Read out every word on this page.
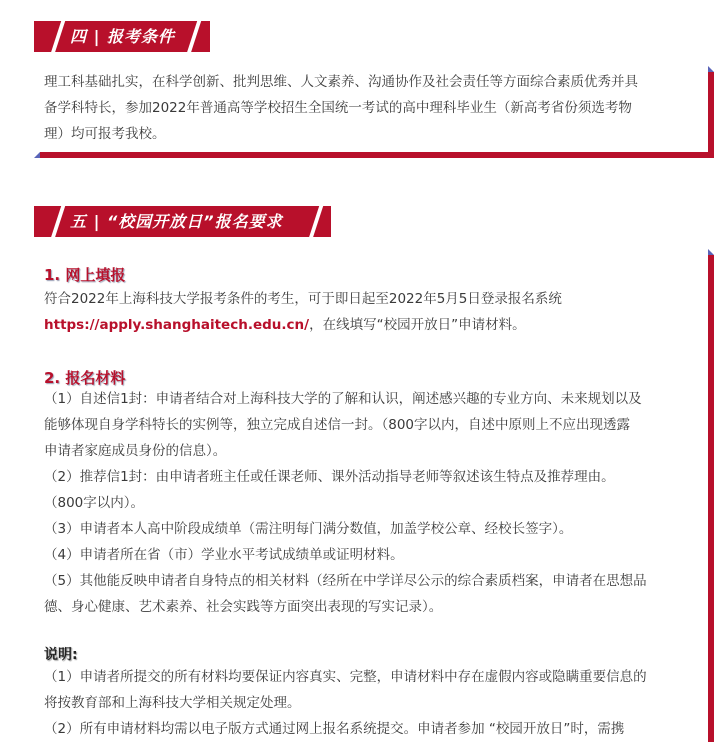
四 | 报考条件
理工科基础扎实，在科学创新、批判思维、人文素养、沟通协作及社会责任等方面综合素质优秀并具
备学科特长，参加2022年普通高等学校招生全国统一考试的高中理科毕业生（新高考省份须选考物
理）均可报考我校。
五 | “校园开放日”报名要求
1. 网上填报
符合2022年上海科技大学报考条件的考生，可于即日起至2022年5月5日登录报名系统
https://apply.shanghaitech.edu.cn/，在线填写“校园开放日”申请材料。
2. 报名材料
（1）自述信1封：申请者结合对上海科技大学的了解和认识，阐述感兴趣的专业方向、未来规划以及
能够体现自身学科特长的实例等，独立完成自述信一封。（800字以内，自述中原则上不应出现透露
申请者家庭成员身份的信息）。
（2）推荐信1封：由申请者班主任或任课老师、课外活动指导老师等叙述该生特点及推荐理由。
（800字以内）。
（3）申请者本人高中阶段成绩单（需注明每门满分数值，加盖学校公章、经校长签字）。
（4）申请者所在省（市）学业水平考试成绩单或证明材料。
（5）其他能反映申请者自身特点的相关材料（经所在中学详尽公示的综合素质档案，申请者在思想品
德、身心健康、艺术素养、社会实践等方面突出表现的写实记录）。
说明:
（1）申请者所提交的所有材料均要保证内容真实、完整，申请材料中存在虚假内容或隐瞒重要信息的
将按教育部和上海科技大学相关规定处理。
（2）所有申请材料均需以电子版方式通过网上报名系统提交。申请者参加 “校园开放日”时，需携
